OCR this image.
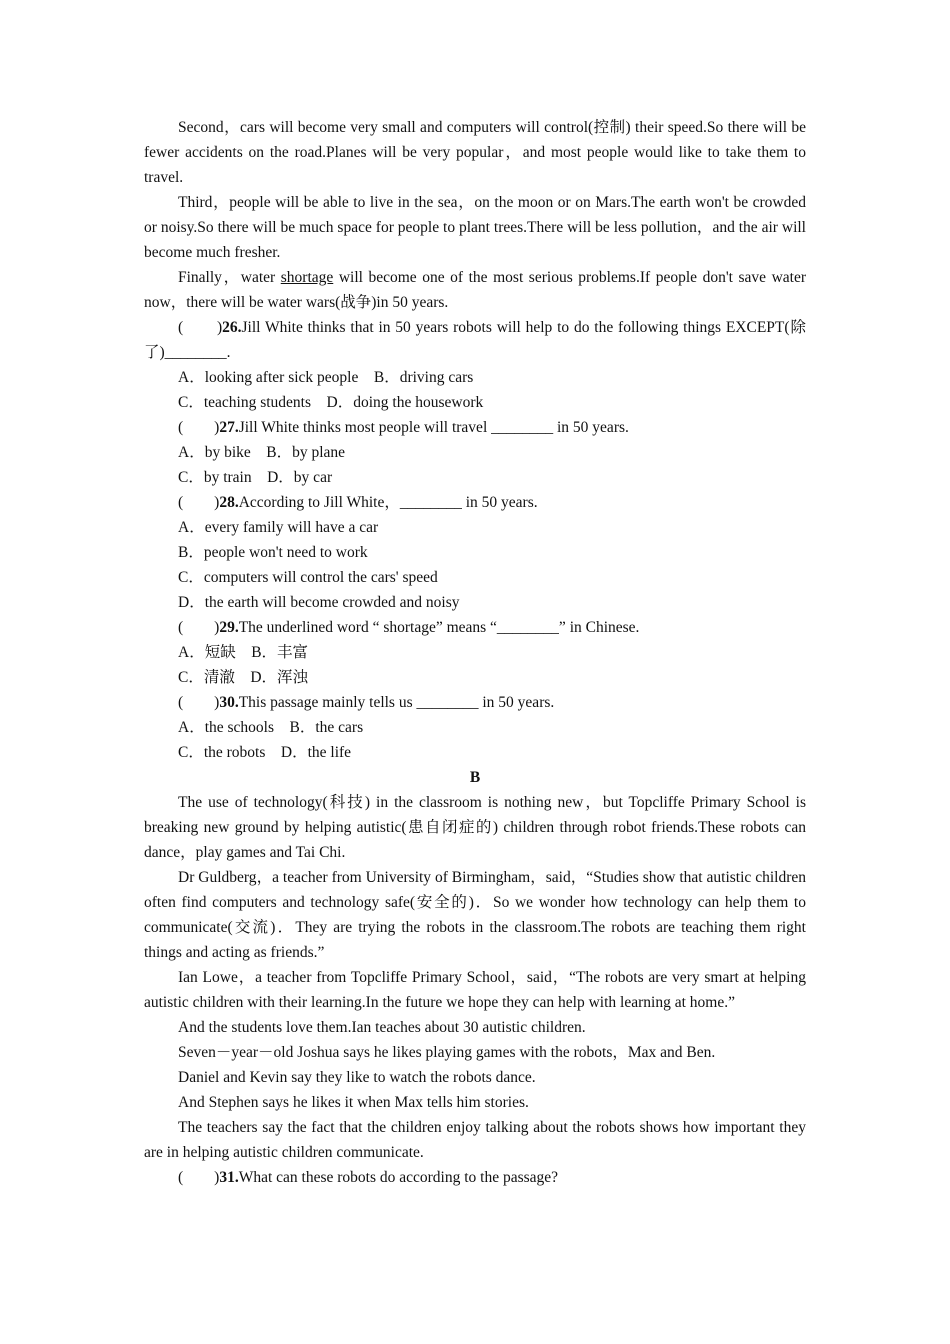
Second，cars will become very small and computers will control(控制) their speed.So there will be fewer accidents on the road.Planes will be very popular，and most people would like to take them to travel.

Third，people will be able to live in the sea，on the moon or on Mars.The earth won't be crowded or noisy.So there will be much space for people to plant trees.There will be less pollution，and the air will become much fresher.

Finally，water shortage will become one of the most serious problems.If people don't save water now，there will be water wars(战争)in 50 years.

(　　)26.Jill White thinks that in 50 years robots will help to do the following things EXCEPT(除了)________.

A．looking after sick people　B．driving cars

C．teaching students　D．doing the housework

(　　)27.Jill White thinks most people will travel ________ in 50 years.

A．by bike　B．by plane

C．by train　D．by car

(　　)28.According to Jill White，________ in 50 years.

A．every family will have a car

B．people won't need to work

C．computers will control the cars' speed

D．the earth will become crowded and noisy

(　　)29.The underlined word “ shortage” means “________” in Chinese.

A．短缺　B．丰富

C．清澈　D．浑浊

(　　)30.This passage mainly tells us ________ in 50 years.

A．the schools　B．the cars

C．the robots　D．the life

B

The use of technology(科技) in the classroom is nothing new，but Topcliffe Primary School is breaking new ground by helping autistic(患自闭症的) children through robot friends.These robots can dance，play games and Tai Chi.

Dr Guldberg，a teacher from University of Birmingham，said，“Studies show that autistic children often find computers and technology safe(安全的)．So we wonder how technology can help them to communicate(交流)．They are trying the robots in the classroom.The robots are teaching them right things and acting as friends.”

Ian Lowe，a teacher from Topcliffe Primary School，said，“The robots are very smart at helping autistic children with their learning.In the future we hope they can help with learning at home.”

And the students love them.Ian teaches about 30 autistic children.

Seven－year－old Joshua says he likes playing games with the robots，Max and Ben.

Daniel and Kevin say they like to watch the robots dance.

And Stephen says he likes it when Max tells him stories.

The teachers say the fact that the children enjoy talking about the robots shows how important they are in helping autistic children communicate.

(　　)31.What can these robots do according to the passage?
